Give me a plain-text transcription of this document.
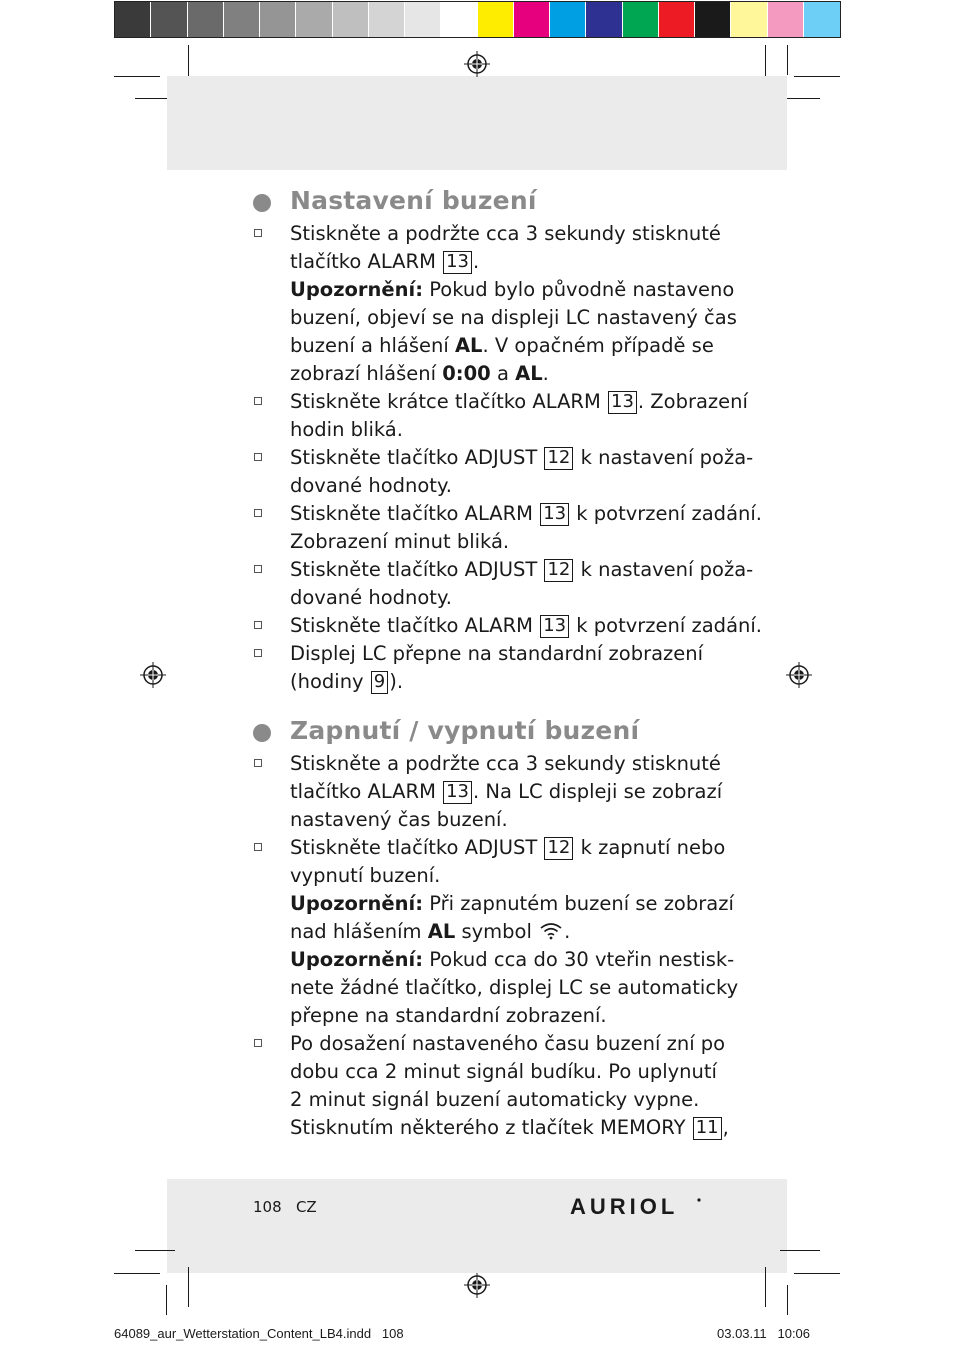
Nastavení buzení
Stiskněte a podržte cca 3 sekundy stisknuté
tlačítko ALARM 13 .
Upozornění: Pokud bylo původně nastaveno
buzení, objeví se na displeji LC nastavený čas
buzení a hlášení AL. V opačném případě se
zobrazí hlášení 0:00 a AL.
Stiskněte krátce tlačítko ALARM 13 . Zobrazení
hodin bliká.
Stiskněte tlačítko ADJUST 12 k nastavení poža-
dované hodnoty.
Stiskněte tlačítko ALARM 13 k potvrzení zadání.
Zobrazení minut bliká.
Stiskněte tlačítko ADJUST 12 k nastavení poža-
dované hodnoty.
Stiskněte tlačítko ALARM 13 k potvrzení zadání.
Displej LC přepne na standardní zobrazení
(hodiny 9 ).
Zapnutí / vypnutí buzení
Stiskněte a podržte cca 3 sekundy stisknuté
tlačítko ALARM 13 . Na LC displeji se zobrazí
nastavený čas buzení.
Stiskněte tlačítko ADJUST 12 k zapnutí nebo
vypnutí buzení.
Upozornění: Při zapnutém buzení se zobrazí
nad hlášením AL symbol .
Upozornění: Pokud cca do 30 vteřin nestisk-
nete žádné tlačítko, displej LC se automaticky
přepne na standardní zobrazení.
Po dosažení nastaveného času buzení zní po
dobu cca 2 minut signál budíku. Po uplynutí
2 minut signál buzení automaticky vypne.
Stisknutím některého z tlačítek MEMORY 11 ,
108 CZ	AURIOL
64089_aur_Wetterstation_Content_LB4.indd 108	03.03.11 10:06
